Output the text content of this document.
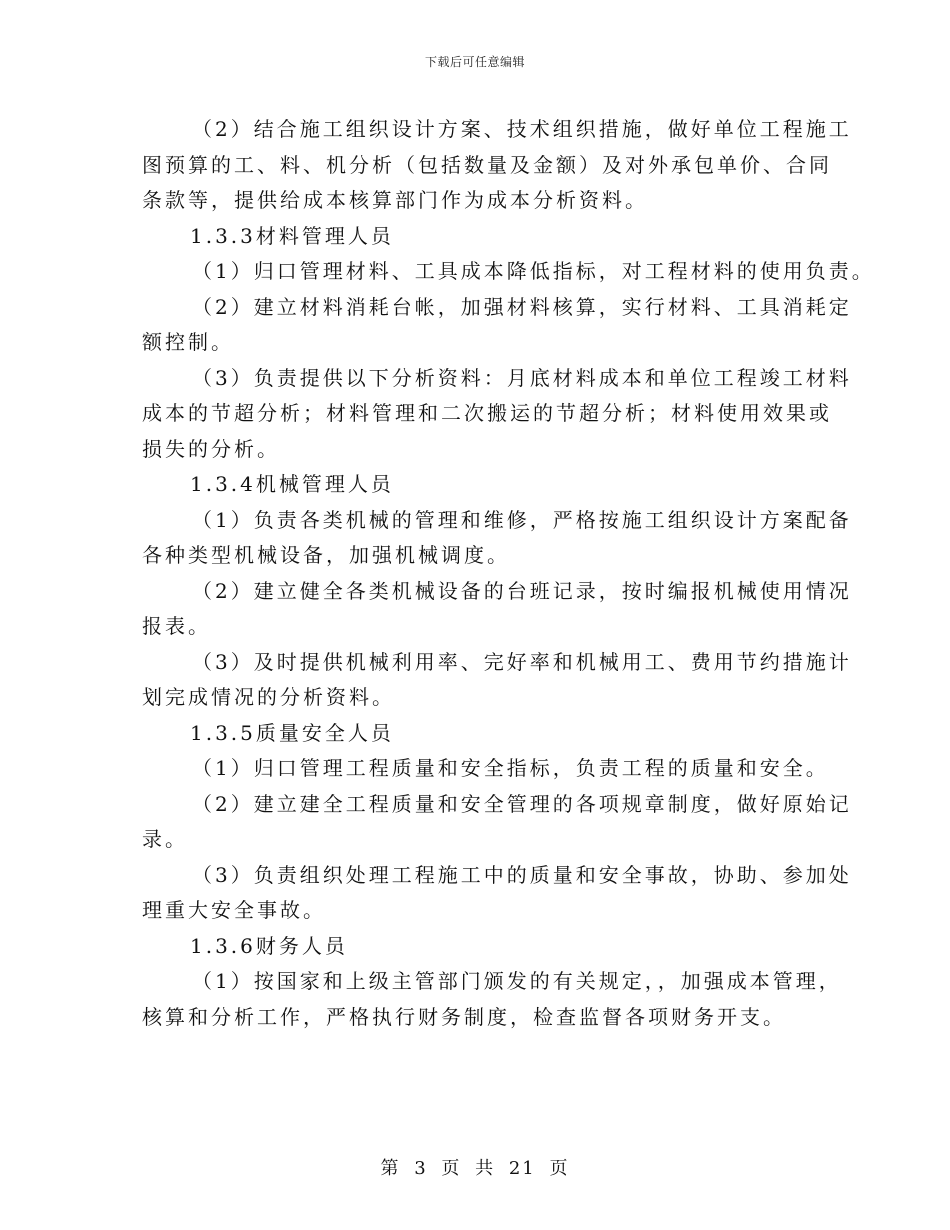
下载后可任意编辑
（2）结合施工组织设计方案、技术组织措施，做好单位工程施工
图预算的工、料、机分析（包括数量及金额）及对外承包单价、合同
条款等，提供给成本核算部门作为成本分析资料。
1.3.3材料管理人员
（1）归口管理材料、工具成本降低指标，对工程材料的使用负责。
（2）建立材料消耗台帐，加强材料核算，实行材料、工具消耗定
额控制。
（3）负责提供以下分析资料：月底材料成本和单位工程竣工材料
成本的节超分析；材料管理和二次搬运的节超分析；材料使用效果或
损失的分析。
1.3.4机械管理人员
（1）负责各类机械的管理和维修，严格按施工组织设计方案配备
各种类型机械设备，加强机械调度。
（2）建立健全各类机械设备的台班记录，按时编报机械使用情况
报表。
（3）及时提供机械利用率、完好率和机械用工、费用节约措施计
划完成情况的分析资料。
1.3.5质量安全人员
（1）归口管理工程质量和安全指标，负责工程的质量和安全。
（2）建立建全工程质量和安全管理的各项规章制度，做好原始记
录。
（3）负责组织处理工程施工中的质量和安全事故，协助、参加处
理重大安全事故。
1.3.6财务人员
（1）按国家和上级主管部门颁发的有关规定，，加强成本管理，
核算和分析工作，严格执行财务制度，检查监督各项财务开支。
第 3 页 共 21 页
